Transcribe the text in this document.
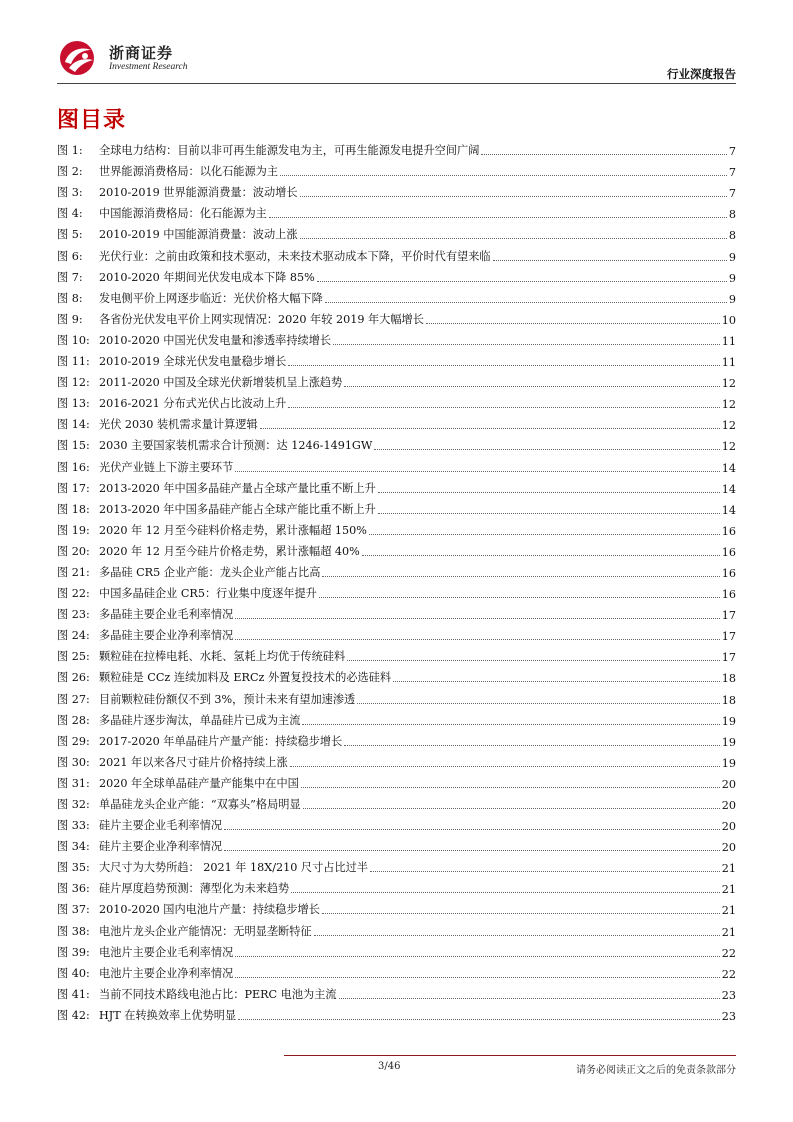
浙商证券
Investment Research	行业深度报告
图目录
图 1:	全球电力结构：目前以非可再生能源发电为主，可再生能源发电提升空间广阔	7
图 2:	世界能源消费格局：以化石能源为主	7
图 3:	2010-2019 世界能源消费量：波动增长	7
图 4:	中国能源消费格局：化石能源为主	8
图 5:	2010-2019 中国能源消费量：波动上涨	8
图 6:	光伏行业：之前由政策和技术驱动，未来技术驱动成本下降，平价时代有望来临	9
图 7:	2010-2020 年期间光伏发电成本下降 85%	9
图 8:	发电侧平价上网逐步临近：光伏价格大幅下降	9
图 9:	各省份光伏发电平价上网实现情况：2020 年较 2019 年大幅增长	10
图 10: 2010-2020 中国光伏发电量和渗透率持续增长	11
图 11: 2010-2019 全球光伏发电量稳步增长	11
图 12: 2011-2020 中国及全球光伏新增装机呈上涨趋势	12
图 13: 2016-2021 分布式光伏占比波动上升	12
图 14: 光伏 2030 装机需求量计算逻辑	12
图 15: 2030 主要国家装机需求合计预测：达 1246-1491GW	12
图 16: 光伏产业链上下游主要环节	14
图 17: 2013-2020 年中国多晶硅产量占全球产量比重不断上升	14
图 18: 2013-2020 年中国多晶硅产能占全球产能比重不断上升	14
图 19: 2020 年 12 月至今硅料价格走势，累计涨幅超 150%	16
图 20: 2020 年 12 月至今硅片价格走势，累计涨幅超 40%	16
图 21: 多晶硅 CR5 企业产能：龙头企业产能占比高	16
图 22: 中国多晶硅企业 CR5：行业集中度逐年提升	16
图 23: 多晶硅主要企业毛利率情况	17
图 24: 多晶硅主要企业净利率情况	17
图 25: 颗粒硅在拉棒电耗、水耗、氢耗上均优于传统硅料	17
图 26: 颗粒硅是 CCz 连续加料及 ERCz 外置复投技术的必选硅料	18
图 27: 目前颗粒硅份额仅不到 3%，预计未来有望加速渗透	18
图 28: 多晶硅片逐步淘汰，单晶硅片已成为主流	19
图 29: 2017-2020 年单晶硅片产量产能：持续稳步增长	19
图 30: 2021 年以来各尺寸硅片价格持续上涨	19
图 31: 2020 年全球单晶硅产量产能集中在中国	20
图 32: 单晶硅龙头企业产能：“双寡头”格局明显	20
图 33: 硅片主要企业毛利率情况	20
图 34: 硅片主要企业净利率情况	20
图 35: 大尺寸为大势所趋： 2021 年 18X/210 尺寸占比过半	21
图 36: 硅片厚度趋势预测：薄型化为未来趋势	21
图 37: 2010-2020 国内电池片产量：持续稳步增长	21
图 38: 电池片龙头企业产能情况：无明显垄断特征	21
图 39: 电池片主要企业毛利率情况	22
图 40: 电池片主要企业净利率情况	22
图 41: 当前不同技术路线电池占比：PERC 电池为主流	23
图 42: HJT 在转换效率上优势明显	23
3/46	请务必阅读正文之后的免责条款部分
